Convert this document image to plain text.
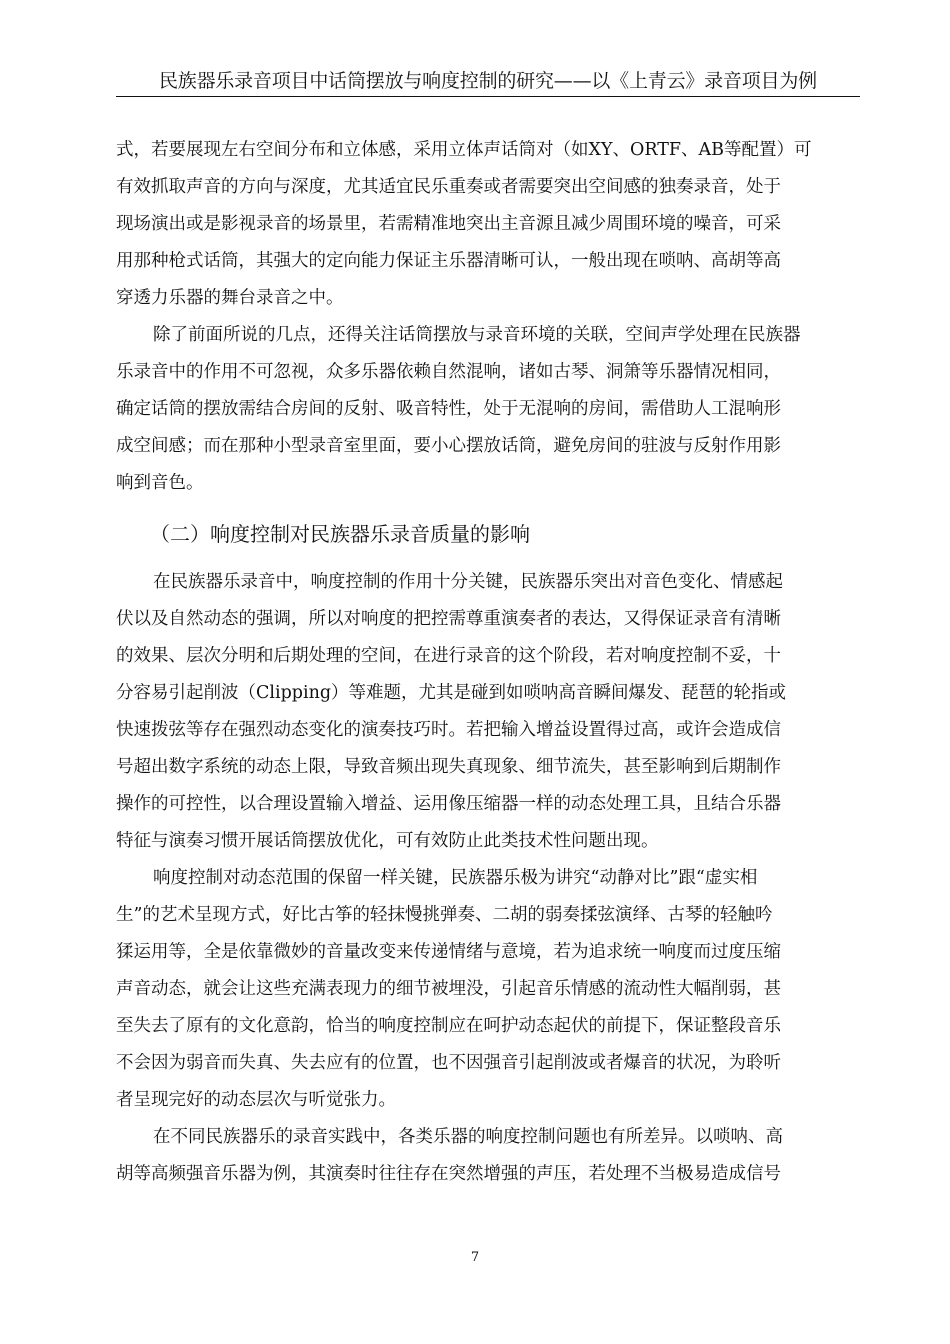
民族器乐录音项目中话筒摆放与响度控制的研究——以《上青云》录音项目为例
式，若要展现左右空间分布和立体感，采用立体声话筒对（如XY、ORTF、AB等配置）可
有效抓取声音的方向与深度，尤其适宜民乐重奏或者需要突出空间感的独奏录音，处于
现场演出或是影视录音的场景里，若需精准地突出主音源且减少周围环境的噪音，可采
用那种枪式话筒，其强大的定向能力保证主乐器清晰可认，一般出现在唢呐、高胡等高
穿透力乐器的舞台录音之中。
除了前面所说的几点，还得关注话筒摆放与录音环境的关联，空间声学处理在民族器
乐录音中的作用不可忽视，众多乐器依赖自然混响，诸如古琴、洞箫等乐器情况相同，
确定话筒的摆放需结合房间的反射、吸音特性，处于无混响的房间，需借助人工混响形
成空间感；而在那种小型录音室里面，要小心摆放话筒，避免房间的驻波与反射作用影
响到音色。
（二）响度控制对民族器乐录音质量的影响
在民族器乐录音中，响度控制的作用十分关键，民族器乐突出对音色变化、情感起
伏以及自然动态的强调，所以对响度的把控需尊重演奏者的表达，又得保证录音有清晰
的效果、层次分明和后期处理的空间，在进行录音的这个阶段，若对响度控制不妥，十
分容易引起削波（Clipping）等难题，尤其是碰到如唢呐高音瞬间爆发、琵琶的轮指或
快速拨弦等存在强烈动态变化的演奏技巧时。若把输入增益设置得过高，或许会造成信
号超出数字系统的动态上限，导致音频出现失真现象、细节流失，甚至影响到后期制作
操作的可控性，以合理设置输入增益、运用像压缩器一样的动态处理工具，且结合乐器
特征与演奏习惯开展话筒摆放优化，可有效防止此类技术性问题出现。
响度控制对动态范围的保留一样关键，民族器乐极为讲究“动静对比”跟“虚实相
生”的艺术呈现方式，好比古筝的轻抹慢挑弹奏、二胡的弱奏揉弦演绎、古琴的轻触吟
猱运用等，全是依靠微妙的音量改变来传递情绪与意境，若为追求统一响度而过度压缩
声音动态，就会让这些充满表现力的细节被埋没，引起音乐情感的流动性大幅削弱，甚
至失去了原有的文化意韵，恰当的响度控制应在呵护动态起伏的前提下，保证整段音乐
不会因为弱音而失真、失去应有的位置，也不因强音引起削波或者爆音的状况，为聆听
者呈现完好的动态层次与听觉张力。
在不同民族器乐的录音实践中，各类乐器的响度控制问题也有所差异。以唢呐、高
胡等高频强音乐器为例，其演奏时往往存在突然增强的声压，若处理不当极易造成信号
7
